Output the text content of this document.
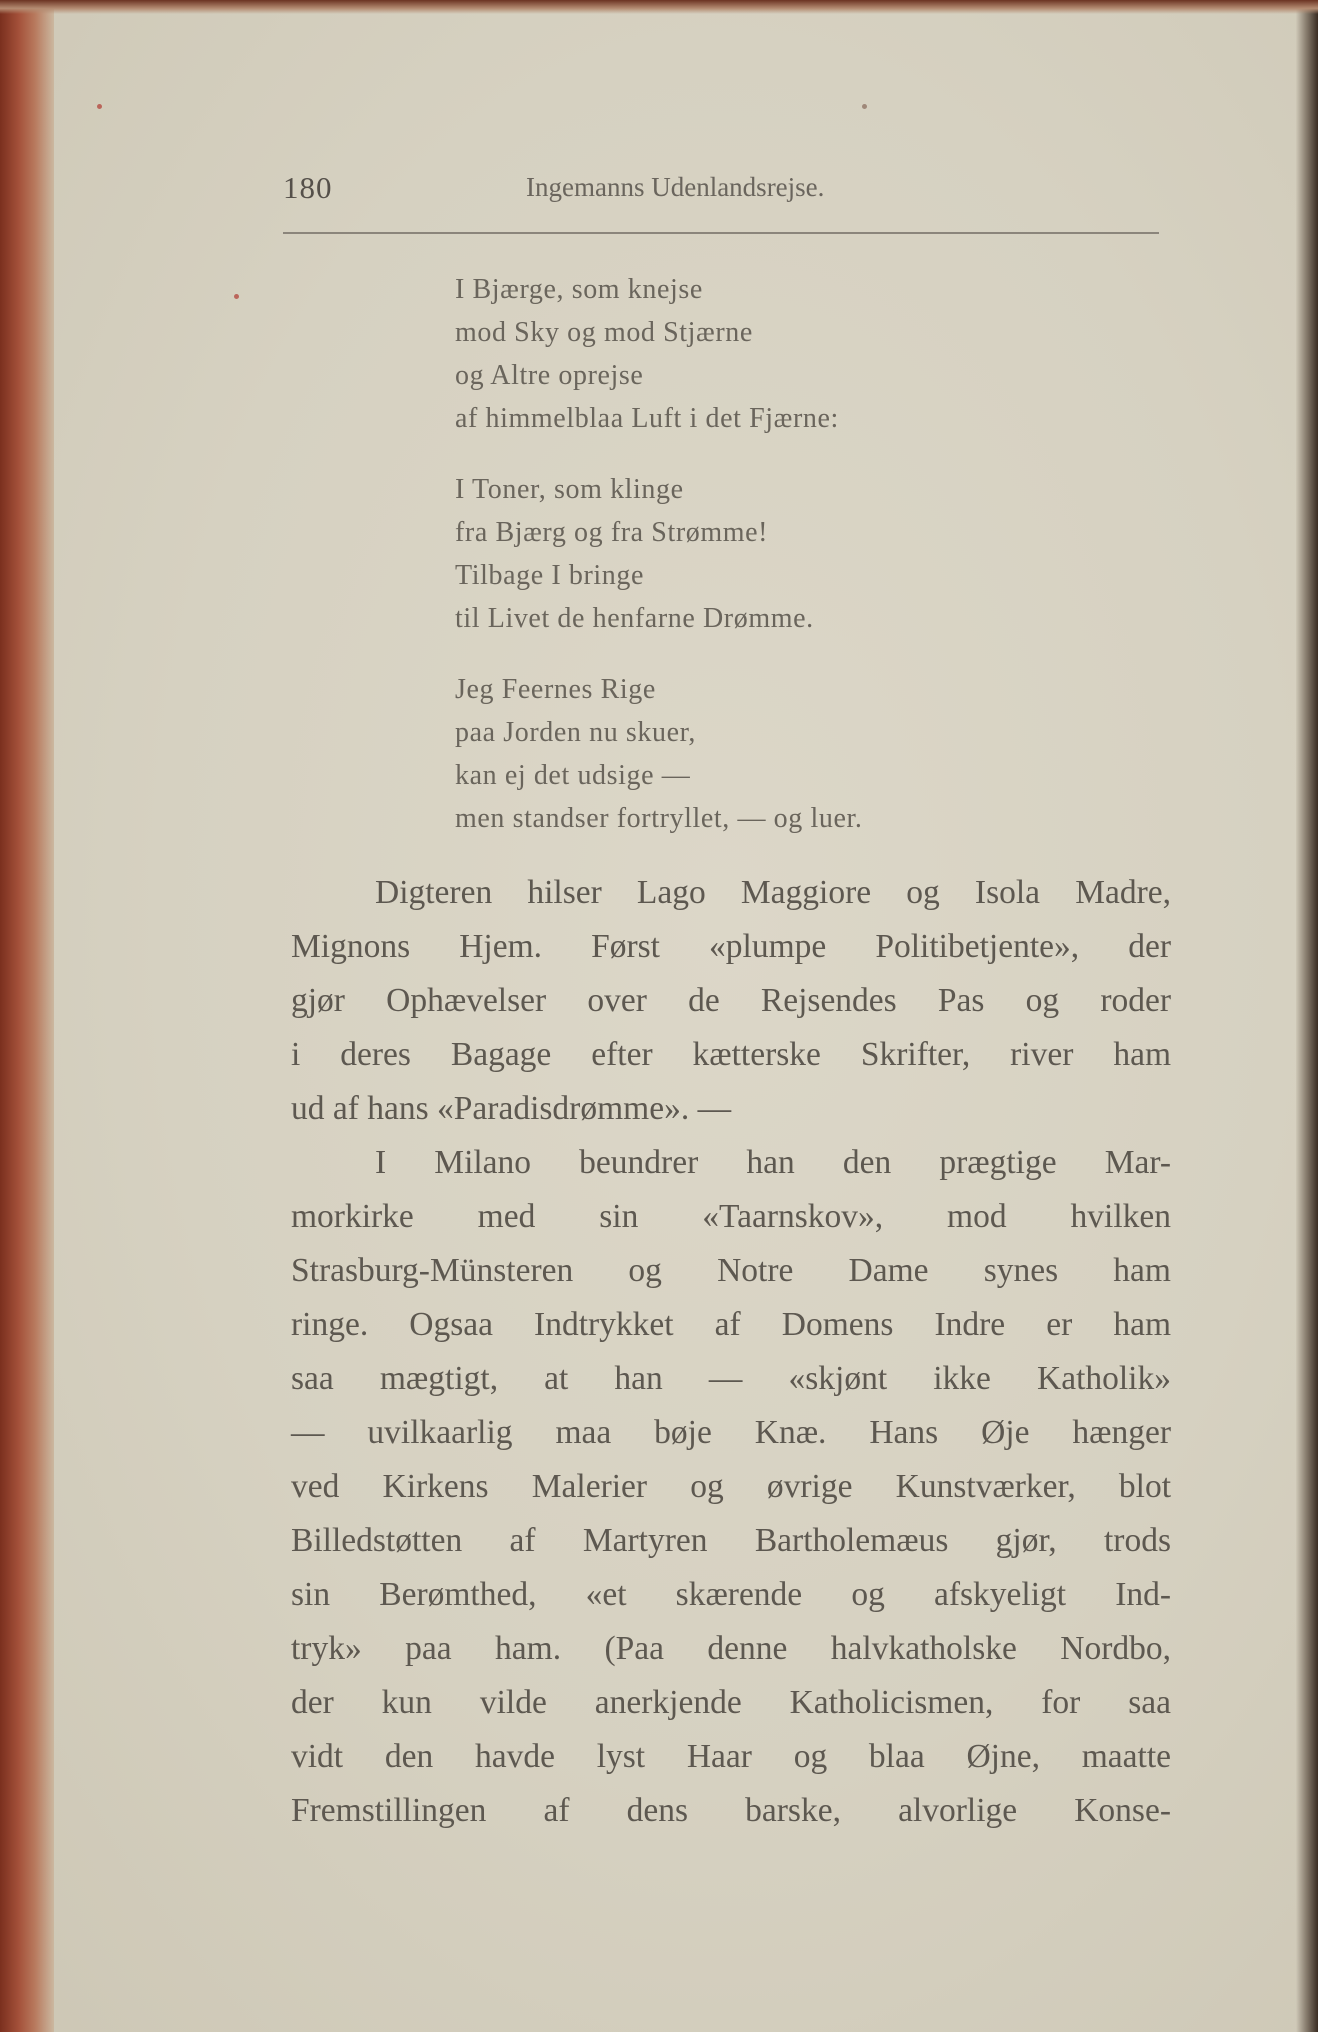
180	Ingemanns Udenlandsrejse.
I Bjærge, som knejse
mod Sky og mod Stjærne
og Altre oprejse
af himmelblaa Luft i det Fjærne:
I Toner, som klinge
fra Bjærg og fra Strømme!
Tilbage I bringe
til Livet de henfarne Drømme.
Jeg Feernes Rige
paa Jorden nu skuer,
kan ej det udsige —
men standser fortryllet, — og luer.
Digteren hilser Lago Maggiore og Isola Madre,
Mignons Hjem. Først «plumpe Politibetjente», der
gjør Ophævelser over de Rejsendes Pas og roder
i deres Bagage efter kætterske Skrifter, river ham
ud af hans «Paradisdrømme». —
I Milano beundrer han den prægtige Mar-
morkirke med sin «Taarnskov», mod hvilken
Strasburg-Münsteren og Notre Dame synes ham
ringe. Ogsaa Indtrykket af Domens Indre er ham
saa mægtigt, at han — «skjønt ikke Katholik»
— uvilkaarlig maa bøje Knæ. Hans Øje hænger
ved Kirkens Malerier og øvrige Kunstværker, blot
Billedstøtten af Martyren Bartholemæus gjør, trods
sin Berømthed, «et skærende og afskyeligt Ind-
tryk» paa ham. (Paa denne halvkatholske Nordbo,
der kun vilde anerkjende Katholicismen, for saa
vidt den havde lyst Haar og blaa Øjne, maatte
Fremstillingen af dens barske, alvorlige Konse-
